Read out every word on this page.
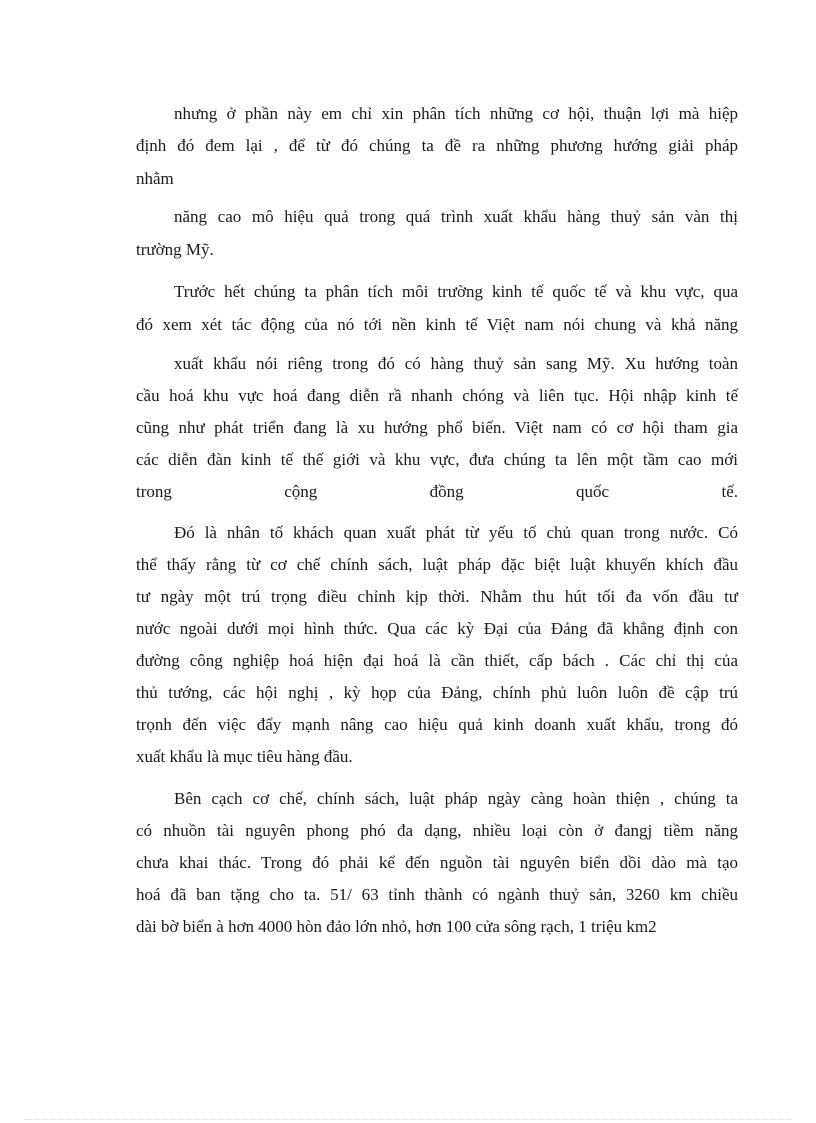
nhưng ở phần này em chỉ xin phân tích những cơ hội, thuận lợi mà hiệp
định đó đem lại , để từ đó chúng ta đề ra những phương hướng giải pháp
nhằm
năng cao mô hiệu quả trong quá trình xuất khẩu hàng thuỷ sản vàn thị
trường Mỹ.
Trước hết chúng ta phân tích môi trường kinh tế quốc tế và khu vực, qua
đó xem xét tác động của nó tới nền kinh tế Việt nam nói chung và khả năng
xuất khẩu nói riêng trong đó có hàng thuỷ sản sang Mỹ. Xu hướng toàn
cầu hoá khu vực hoá đang diễn rầ nhanh chóng và liên tục. Hội nhập kinh tế
cũng như phát triển đang là xu hướng phổ biến. Việt nam có cơ hội tham gia
các diễn đàn kinh tế thế giới và khu vực, đưa chúng ta lên một tầm cao mới
trong cộng đồng quốc tế.
Đó là nhân tố khách quan xuất phát từ yếu tố chủ quan trong nước. Có
thể thấy rằng từ cơ chế chính sách, luật pháp đặc biệt luật khuyến khích đầu
tư ngày một trú trọng điều chỉnh kịp thời. Nhằm thu hút tối đa vốn đầu tư
nước ngoài dưới mọi hình thức. Qua các kỳ Đại của Đảng đã khẳng định con
đường công nghiệp hoá hiện đại hoá là cần thiết, cấp bách . Các chỉ thị của
thủ tướng, các hội nghị , kỳ họp của Đảng, chính phủ luôn luôn đề cập trú
trọnh đến việc đẩy mạnh nâng cao hiệu quả kinh doanh xuất khẩu, trong đó
xuất khẩu là mục tiêu hàng đầu.
Bên cạch cơ chế, chính sách, luật pháp ngày càng hoàn thiện , chúng ta
có nhuồn tài nguyên phong phó đa dạng, nhiều loại còn ở đangj tiềm năng
chưa khai thác. Trong đó phải kể đến nguồn tài nguyên biển dồi dào mà tạo
hoá đã ban tặng cho ta. 51/ 63 tỉnh thành có ngành thuỷ sản, 3260 km chiều
dài bờ biển à hơn 4000 hòn đảo lớn nhỏ, hơn 100 cửa sông rạch, 1 triệu km2
